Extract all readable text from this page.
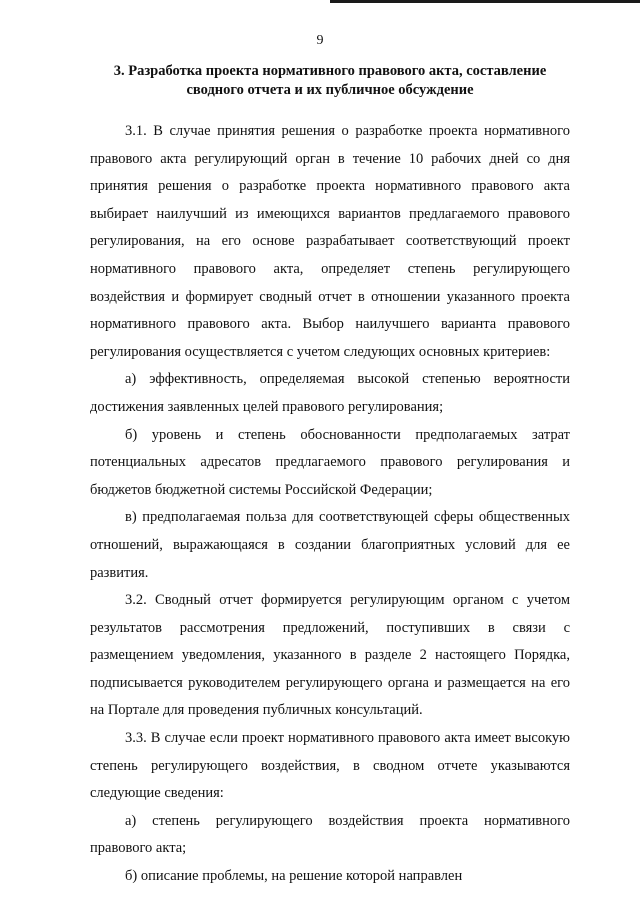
9
3. Разработка проекта нормативного правового акта, составление сводного отчета и их публичное обсуждение

3.1. В случае принятия решения о разработке проекта нормативного правового акта регулирующий орган в течение 10 рабочих дней со дня принятия решения о разработке проекта нормативного правового акта выбирает наилучший из имеющихся вариантов предлагаемого правового регулирования, на его основе разрабатывает соответствующий проект нормативного правового акта, определяет степень регулирующего воздействия и формирует сводный отчет в отношении указанного проекта нормативного правового акта. Выбор наилучшего варианта правового регулирования осуществляется с учетом следующих основных критериев:

а) эффективность, определяемая высокой степенью вероятности достижения заявленных целей правового регулирования;

б) уровень и степень обоснованности предполагаемых затрат потенциальных адресатов предлагаемого правового регулирования и бюджетов бюджетной системы Российской Федерации;

в) предполагаемая польза для соответствующей сферы общественных отношений, выражающаяся в создании благоприятных условий для ее развития.

3.2. Сводный отчет формируется регулирующим органом с учетом результатов рассмотрения предложений, поступивших в связи с размещением уведомления, указанного в разделе 2 настоящего Порядка, подписывается руководителем регулирующего органа и размещается на его на Портале для проведения публичных консультаций.

3.3. В случае если проект нормативного правового акта имеет высокую степень регулирующего воздействия, в сводном отчете указываются следующие сведения:

а) степень регулирующего воздействия проекта нормативного правового акта;

б) описание проблемы, на решение которой направлен
